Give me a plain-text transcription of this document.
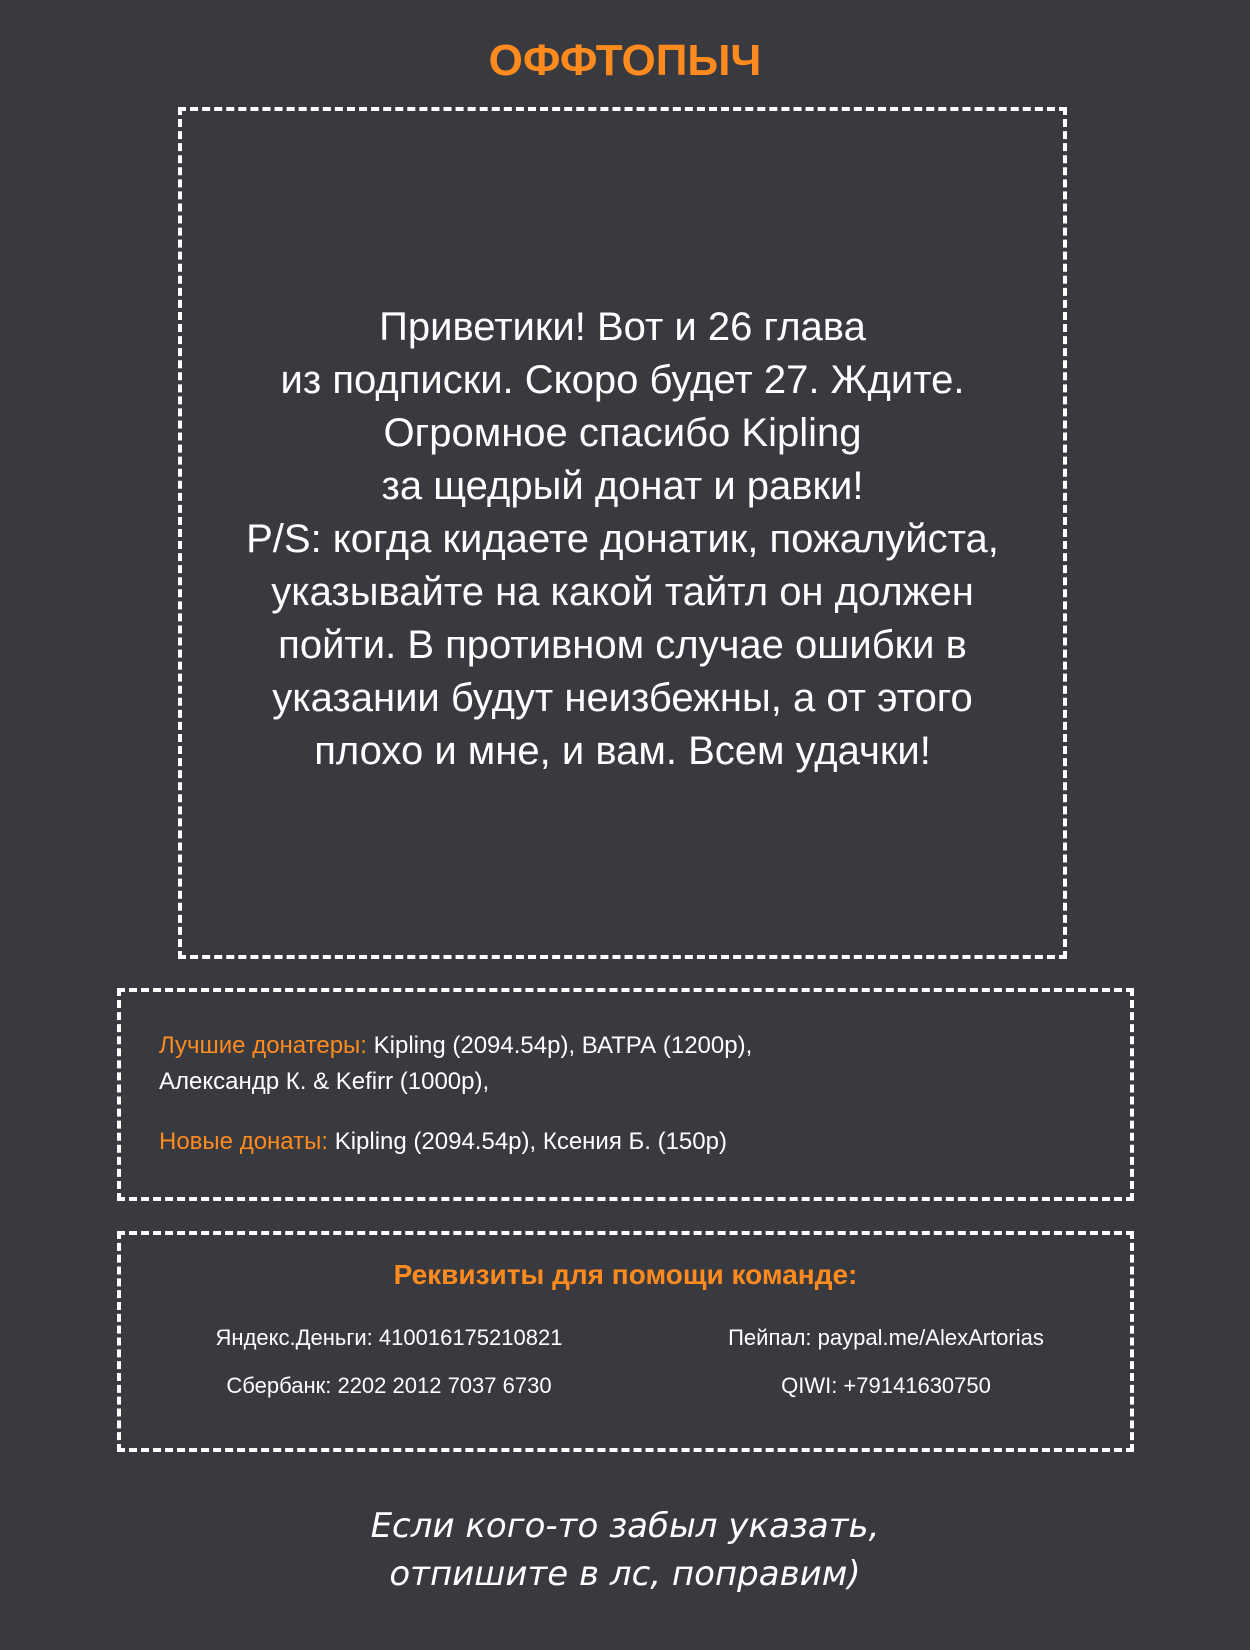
ОФФТОПЫЧ
Приветики! Вот и 26 глава
из подписки. Скоро будет 27. Ждите.
Огромное спасибо Kipling
за щедрый донат и равки!
P/S: когда кидаете донатик, пожалуйста,
указывайте на какой тайтл он должен
пойти. В противном случае ошибки в
указании будут неизбежны, а от этого
плохо и мне, и вам. Всем удачки!
Лучшие донатеры: Kipling (2094.54р), ВАТРА (1200р),
Александр К. & Kefirr (1000р),
Новые донаты: Kipling (2094.54р), Ксения Б. (150р)
Реквизиты для помощи команде:
Яндекс.Деньги: 410016175210821
Сбербанк: 2202 2012 7037 6730
Пейпал: paypal.me/AlexArtorias
QIWI: +79141630750
Если кого-то забыл указать,
отпишите в лс, поправим)
